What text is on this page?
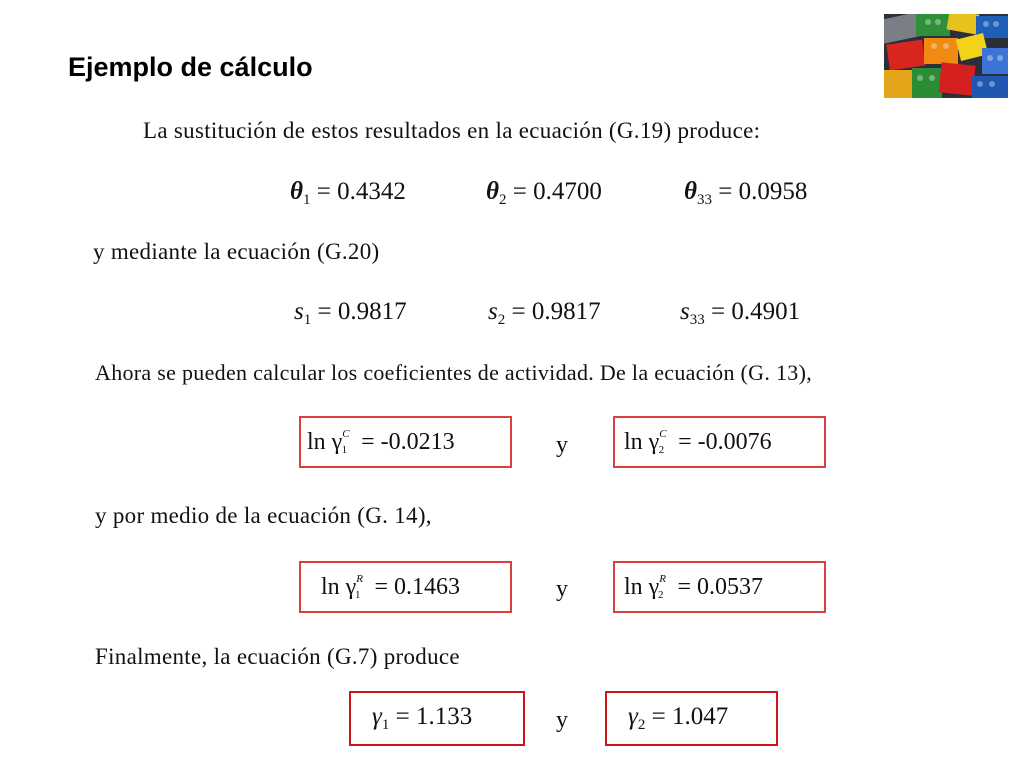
Ejemplo de cálculo
La sustitución de estos resultados en la ecuación (G.19) produce:
$\theta_1 = 0.4342$	$\theta_2 = 0.4700$	$\theta_{33} = 0.0958$
y mediante la ecuación (G.20)
$s_1 = 0.9817$	$s_2 = 0.9817$	$s_{33} = 0.4901$
Ahora se pueden calcular los coeficientes de actividad. De la ecuación (G. 13),
$\ln \gamma^C1 = -0.0213$	y $\ln \gamma^C2 = -0.0076$
y por medio de la ecuación (G. 14),
$\ln \gamma^R1 = 0.1463$	y $\ln \gamma^R2 = 0.0537$
Finalmente, la ecuación (G.7) produce
$\gamma_1 = 1.133$	y $\gamma_2 = 1.047$
